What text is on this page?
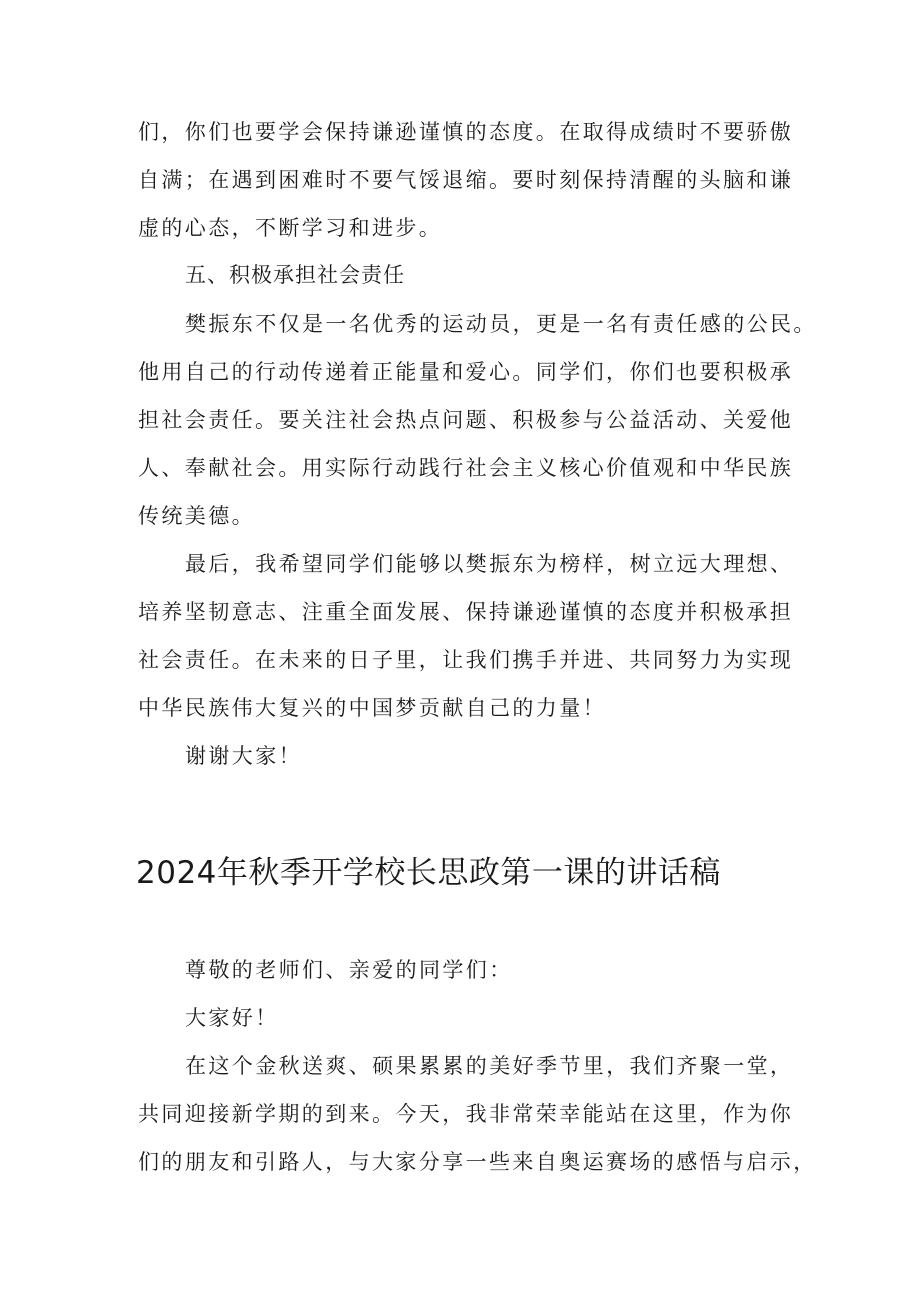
们，你们也要学会保持谦逊谨慎的态度。在取得成绩时不要骄傲
自满；在遇到困难时不要气馁退缩。要时刻保持清醒的头脑和谦
虚的心态，不断学习和进步。
五、积极承担社会责任
樊振东不仅是一名优秀的运动员，更是一名有责任感的公民。
他用自己的行动传递着正能量和爱心。同学们，你们也要积极承
担社会责任。要关注社会热点问题、积极参与公益活动、关爱他
人、奉献社会。用实际行动践行社会主义核心价值观和中华民族
传统美德。
最后，我希望同学们能够以樊振东为榜样，树立远大理想、
培养坚韧意志、注重全面发展、保持谦逊谨慎的态度并积极承担
社会责任。在未来的日子里，让我们携手并进、共同努力为实现
中华民族伟大复兴的中国梦贡献自己的力量！
谢谢大家！
2024年秋季开学校长思政第一课的讲话稿
尊敬的老师们、亲爱的同学们：
大家好！
在这个金秋送爽、硕果累累的美好季节里，我们齐聚一堂，
共同迎接新学期的到来。今天，我非常荣幸能站在这里，作为你
们的朋友和引路人，与大家分享一些来自奥运赛场的感悟与启示，
